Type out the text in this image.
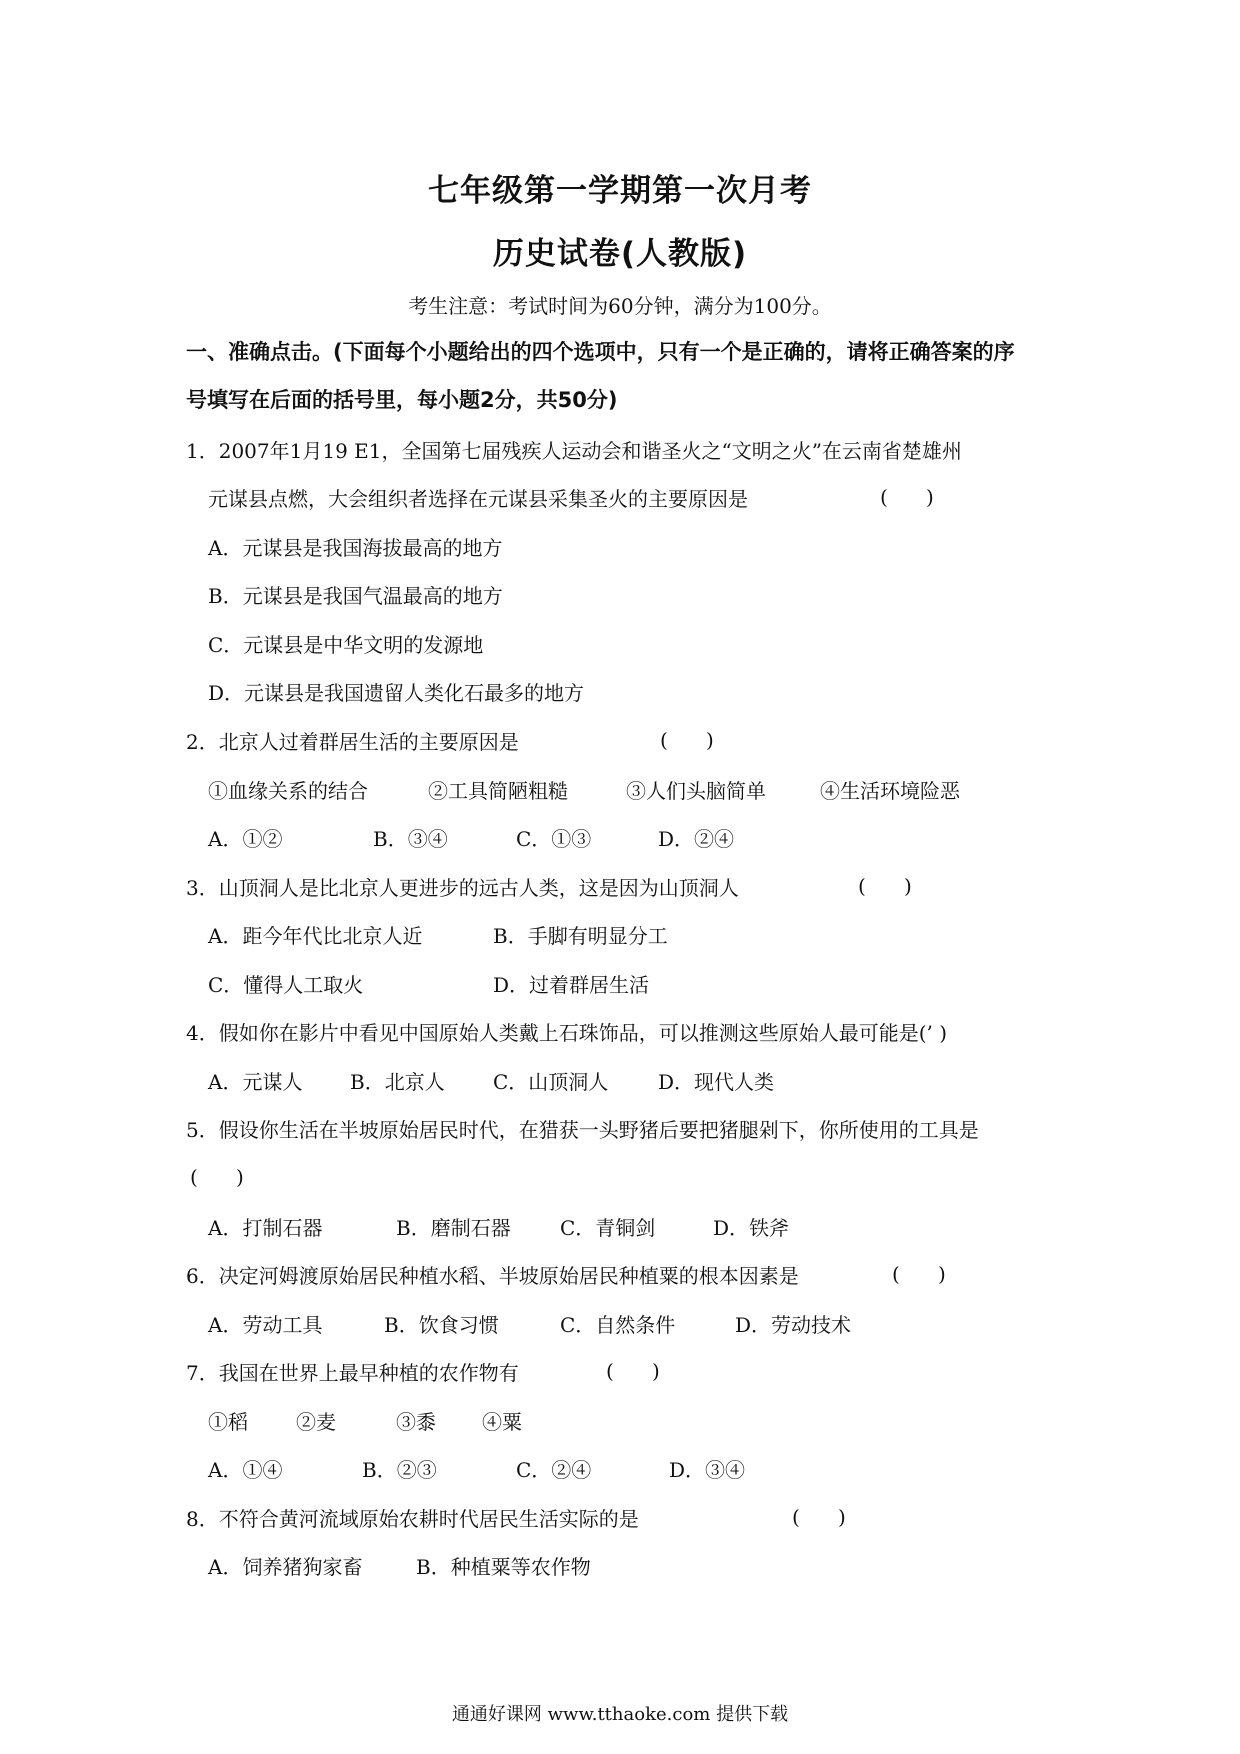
七年级第一学期第一次月考
历史试卷(人教版)
考生注意：考试时间为60分钟，满分为100分。
一、准确点击。(下面每个小题给出的四个选项中，只有一个是正确的，请将正确答案的序
号填写在后面的括号里，每小题2分，共50分)
1．2007年1月19 E1，全国第七届残疾人运动会和谐圣火之“文明之火”在云南省楚雄州
元谋县点燃，大会组织者选择在元谋县采集圣火的主要原因是	(      )
A．元谋县是我国海拔最高的地方
B．元谋县是我国气温最高的地方
C．元谋县是中华文明的发源地
D．元谋县是我国遗留人类化石最多的地方
2．北京人过着群居生活的主要原因是	(      )
①血缘关系的结合	②工具简陋粗糙	③人们头脑简单	④生活环境险恶
A．①②	B．③④	C．①③	D．②④
3．山顶洞人是比北京人更进步的远古人类，这是因为山顶洞人	(      )
A．距今年代比北京人近	B．手脚有明显分工
C．懂得人工取火	D．过着群居生活
4．假如你在影片中看见中国原始人类戴上石珠饰品，可以推测这些原始人最可能是(’ )
A．元谋人 B．北京人 C．山顶洞人 D．现代人类
5．假设你生活在半坡原始居民时代，在猎获一头野猪后要把猪腿剁下，你所使用的工具是
(      )
A．打制石器	B．磨制石器 C．青铜剑	D．铁斧
6．决定河姆渡原始居民种植水稻、半坡原始居民种植粟的根本因素是	(      )
A．劳动工具	B．饮食习惯	C．自然条件	D．劳动技术
7．我国在世界上最早种植的农作物有	(      )
①稻 ②麦	③黍 ④粟
A．①④	B．②③	C．②④	D．③④
8．不符合黄河流域原始农耕时代居民生活实际的是	(      )
A．饲养猪狗家畜	B．种植粟等农作物
通通好课网 www.tthaoke.com 提供下载
